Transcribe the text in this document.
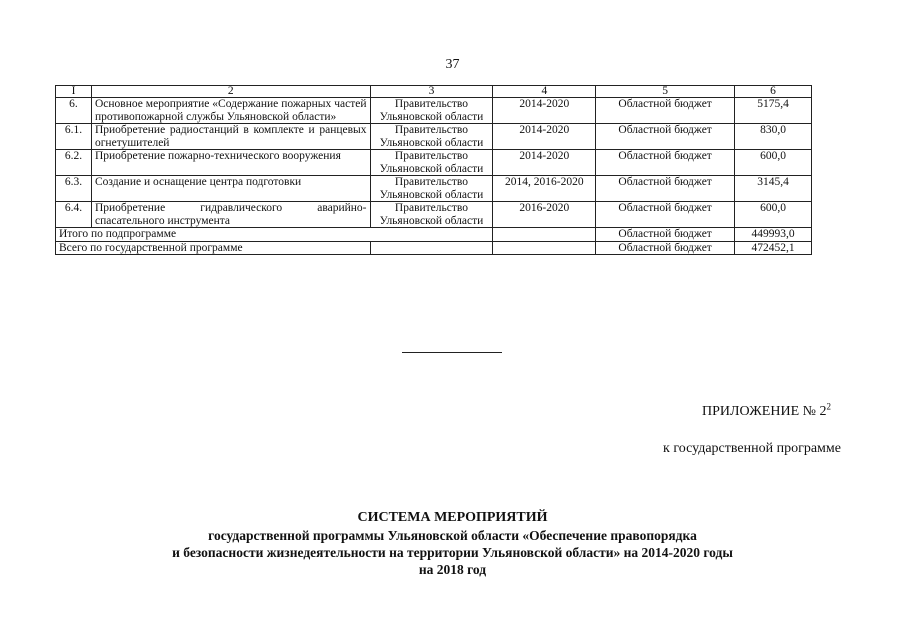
37
I	2	3	4	5	6
6.	Основное мероприятие «Содержание пожарных частей противопожарной службы Ульяновской области»	Правительство Ульяновской области	2014-2020	Областной бюджет	5175,4
6.1.	Приобретение радиостанций в комплекте и ранцевых огнетушителей	Правительство Ульяновской области	2014-2020	Областной бюджет	830,0
6.2.	Приобретение пожарно-технического вооружения	Правительство Ульяновской области	2014-2020	Областной бюджет	600,0
6.3.	Создание и оснащение центра подготовки	Правительство Ульяновской области	2014, 2016-2020	Областной бюджет	3145,4
6.4.	Приобретение гидравлического аварийно-спасательного инструмента	Правительство Ульяновской области	2016-2020	Областной бюджет	600,0
Итого по подпрограмме				Областной бюджет	449993,0
Всего по государственной программе				Областной бюджет	472452,1
ПРИЛОЖЕНИЕ № $2^2$
к государственной программе
СИСТЕМА МЕРОПРИЯТИЙ
государственной программы Ульяновской области «Обеспечение правопорядка
и безопасности жизнедеятельности на территории Ульяновской области» на 2014-2020 годы
на 2018 год
